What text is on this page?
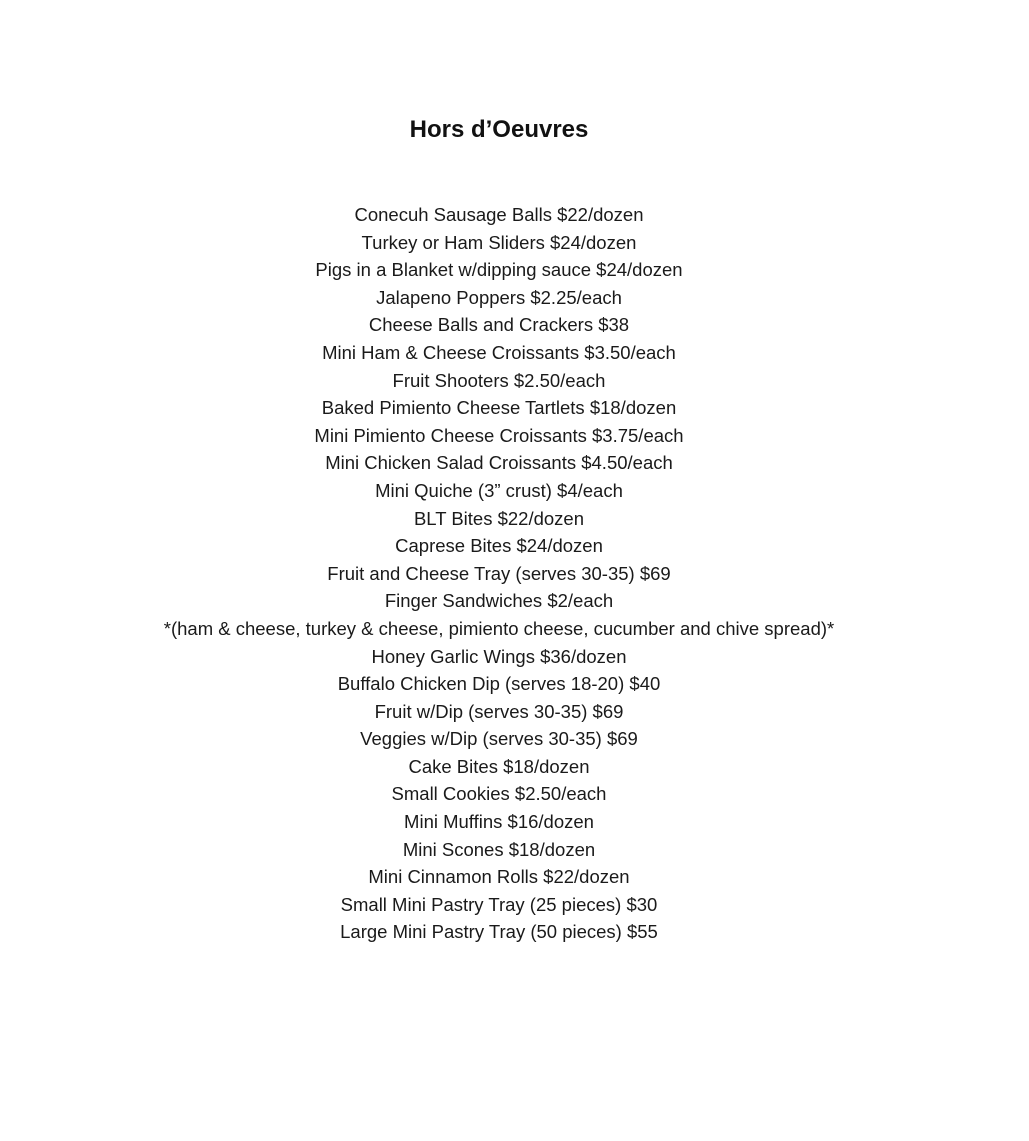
Hors d’Oeuvres
Conecuh Sausage Balls $22/dozen
Turkey or Ham Sliders $24/dozen
Pigs in a Blanket w/dipping sauce $24/dozen
Jalapeno Poppers $2.25/each
Cheese Balls and Crackers $38
Mini Ham & Cheese Croissants $3.50/each
Fruit Shooters $2.50/each
Baked Pimiento Cheese Tartlets $18/dozen
Mini Pimiento Cheese Croissants $3.75/each
Mini Chicken Salad Croissants $4.50/each
Mini Quiche (3” crust) $4/each
BLT Bites $22/dozen
Caprese Bites $24/dozen
Fruit and Cheese Tray (serves 30-35) $69
Finger Sandwiches $2/each
*(ham & cheese, turkey & cheese, pimiento cheese, cucumber and chive spread)*
Honey Garlic Wings $36/dozen
Buffalo Chicken Dip (serves 18-20) $40
Fruit w/Dip (serves 30-35) $69
Veggies w/Dip (serves 30-35) $69
Cake Bites $18/dozen
Small Cookies $2.50/each
Mini Muffins $16/dozen
Mini Scones $18/dozen
Mini Cinnamon Rolls $22/dozen
Small Mini Pastry Tray (25 pieces) $30
Large Mini Pastry Tray (50 pieces) $55
